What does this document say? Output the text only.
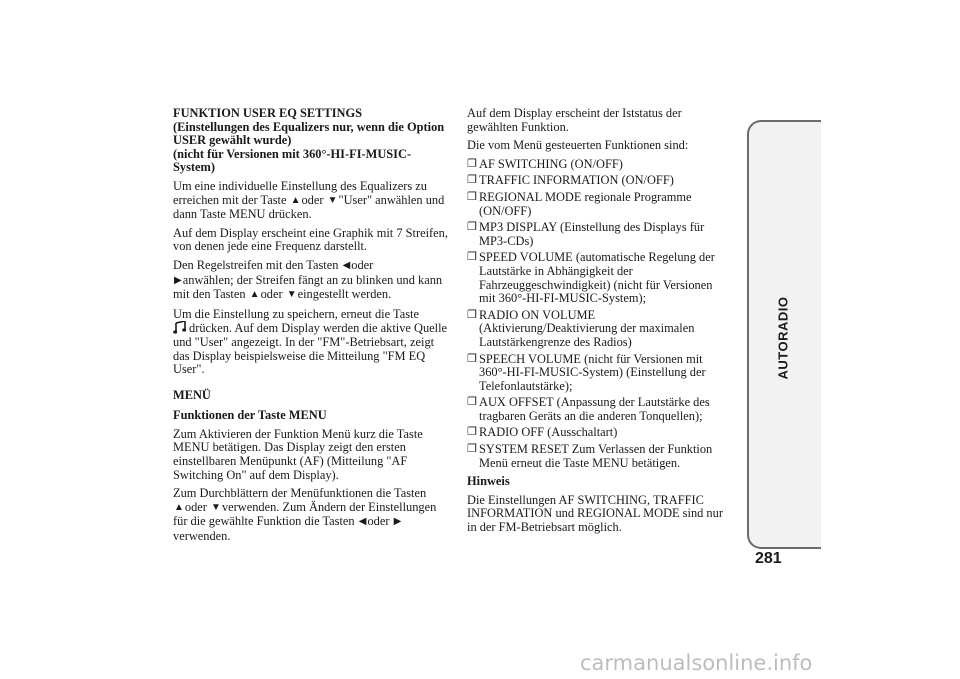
FUNKTION USER EQ SETTINGS
(Einstellungen des Equalizers nur, wenn die Option USER gewählt wurde)
(nicht für Versionen mit 360°-HI-FI-MUSIC-System)

Um eine individuelle Einstellung des Equalizers zu erreichen mit der Taste ▲oder ▼"User" anwählen und dann Taste MENU drücken.

Auf dem Display erscheint eine Graphik mit 7 Streifen, von denen jede eine Frequenz darstellt.

Den Regelstreifen mit den Tasten ◀oder
▶anwählen; der Streifen fängt an zu blinken und kann mit den Tasten ▲oder ▼eingestellt werden.

Um die Einstellung zu speichern, erneut die Taste
drücken. Auf dem Display werden die aktive Quelle und "User" angezeigt. In der "FM"-Betriebsart, zeigt das Display beispielsweise die Mitteilung "FM EQ User".

MENÜ
Funktionen der Taste MENU

Zum Aktivieren der Funktion Menü kurz die Taste MENU betätigen. Das Display zeigt den ersten einstellbaren Menüpunkt (AF) (Mitteilung "AF Switching On" auf dem Display).

Zum Durchblättern der Menüfunktionen die Tasten
▲oder ▼verwenden. Zum Ändern der Einstellungen für die gewählte Funktion die Tasten ◀oder ▶verwenden.

Auf dem Display erscheint der Iststatus der gewählten Funktion.

Die vom Menü gesteuerten Funktionen sind:

❐ AF SWITCHING (ON/OFF)
❐ TRAFFIC INFORMATION (ON/OFF)
❐ REGIONAL MODE regionale Programme (ON/OFF)
❐ MP3 DISPLAY (Einstellung des Displays für MP3-CDs)
❐ SPEED VOLUME (automatische Regelung der Lautstärke in Abhängigkeit der Fahrzeuggeschwindigkeit) (nicht für Versionen mit 360°-HI-FI-MUSIC-System);
❐ RADIO ON VOLUME (Aktivierung/Deaktivierung der maximalen Lautstärkengrenze des Radios)
❐ SPEECH VOLUME (nicht für Versionen mit 360°-HI-FI-MUSIC-System) (Einstellung der Telefonlautstärke);
❐ AUX OFFSET (Anpassung der Lautstärke des tragbaren Geräts an die anderen Tonquellen);
❐ RADIO OFF (Ausschaltart)
❐ SYSTEM RESET Zum Verlassen der Funktion Menü erneut die Taste MENU betätigen.
Hinweis

Die Einstellungen AF SWITCHING, TRAFFIC INFORMATION und REGIONAL MODE sind nur in der FM-Betriebsart möglich.

AUTORADIO
281
carmanualsonline.info
